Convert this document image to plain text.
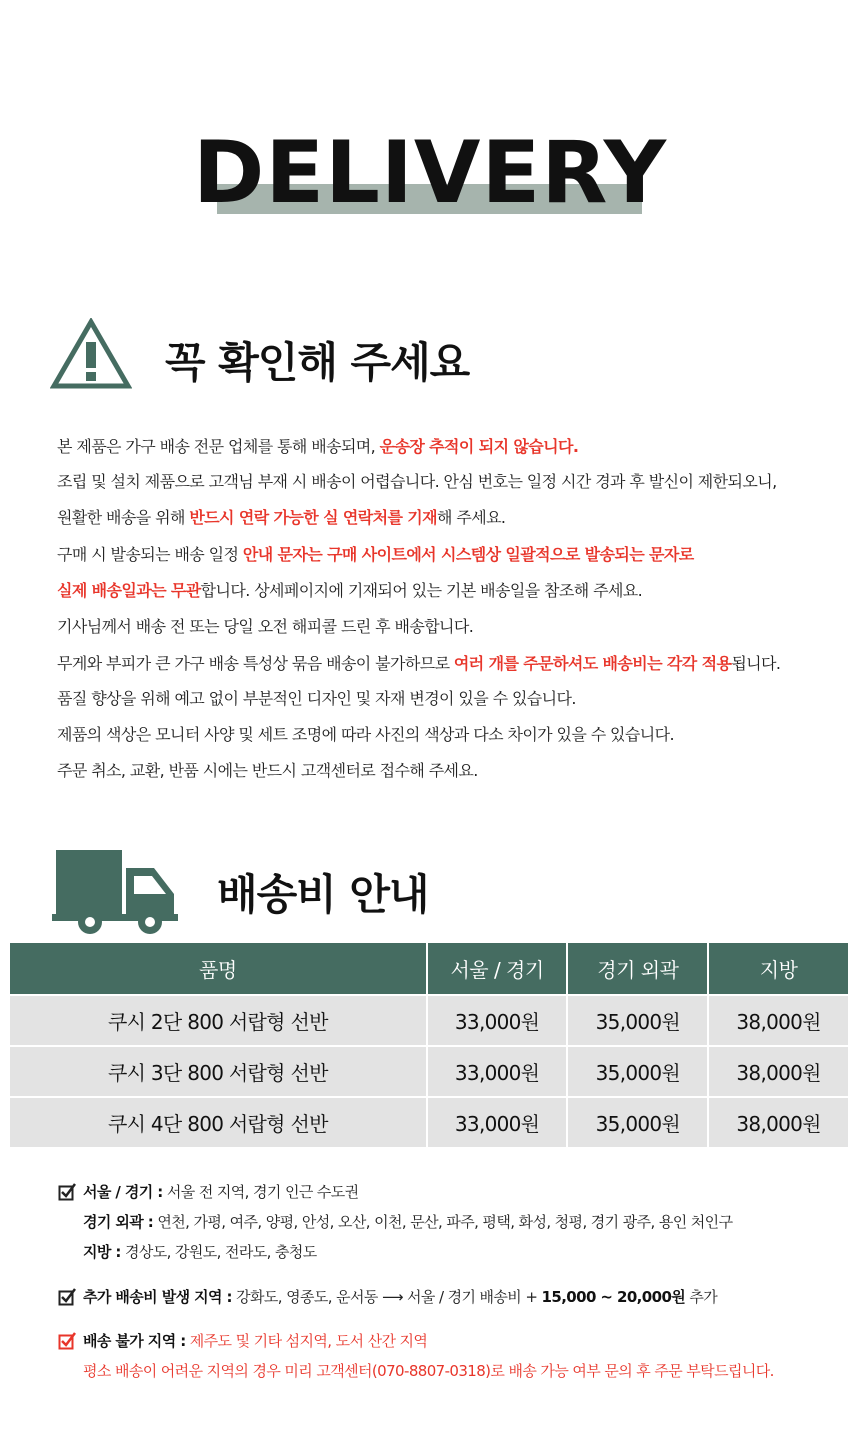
DELIVERY
꼭 확인해 주세요
본 제품은 가구 배송 전문 업체를 통해 배송되며, 운송장 추적이 되지 않습니다.
조립 및 설치 제품으로 고객님 부재 시 배송이 어렵습니다. 안심 번호는 일정 시간 경과 후 발신이 제한되오니,
원활한 배송을 위해 반드시 연락 가능한 실 연락처를 기재해 주세요.
구매 시 발송되는 배송 일정 안내 문자는 구매 사이트에서 시스템상 일괄적으로 발송되는 문자로
실제 배송일과는 무관합니다. 상세페이지에 기재되어 있는 기본 배송일을 참조해 주세요.
기사님께서 배송 전 또는 당일 오전 해피콜 드린 후 배송합니다.
무게와 부피가 큰 가구 배송 특성상 묶음 배송이 불가하므로 여러 개를 주문하셔도 배송비는 각각 적용됩니다.
품질 향상을 위해 예고 없이 부분적인 디자인 및 자재 변경이 있을 수 있습니다.
제품의 색상은 모니터 사양 및 세트 조명에 따라 사진의 색상과 다소 차이가 있을 수 있습니다.
주문 취소, 교환, 반품 시에는 반드시 고객센터로 접수해 주세요.
배송비 안내
품명	서울 / 경기	경기 외곽	지방
쿠시 2단 800 서랍형 선반	33,000원	35,000원	38,000원
쿠시 3단 800 서랍형 선반	33,000원	35,000원	38,000원
쿠시 4단 800 서랍형 선반	33,000원	35,000원	38,000원
서울 / 경기 : 서울 전 지역, 경기 인근 수도권
경기 외곽 : 연천, 가평, 여주, 양평, 안성, 오산, 이천, 문산, 파주, 평택, 화성, 청평, 경기 광주, 용인 처인구
지방 : 경상도, 강원도, 전라도, 충청도
추가 배송비 발생 지역 : 강화도, 영종도, 운서동 ⟶ 서울 / 경기 배송비 + 15,000 ~ 20,000원 추가
배송 불가 지역 : 제주도 및 기타 섬지역, 도서 산간 지역
평소 배송이 어려운 지역의 경우 미리 고객센터(070-8807-0318)로 배송 가능 여부 문의 후 주문 부탁드립니다.
